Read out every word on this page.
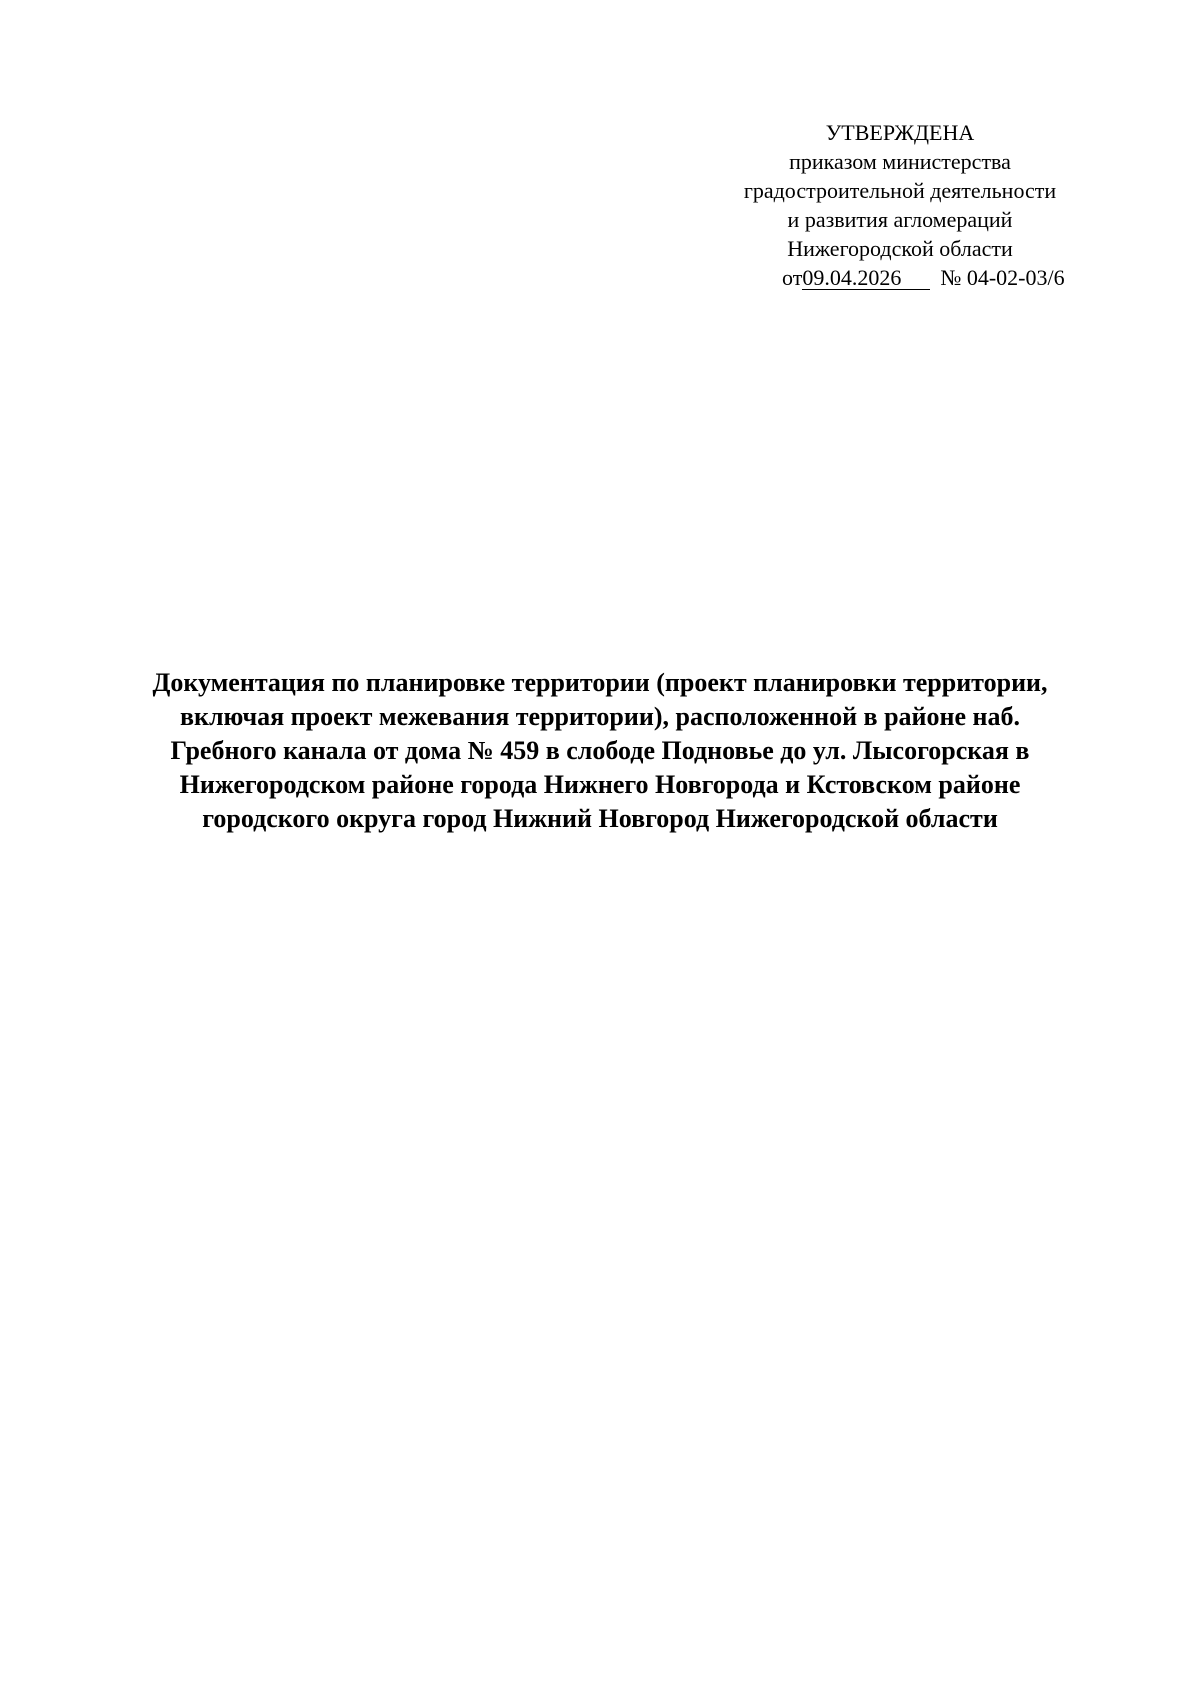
УТВЕРЖДЕНА
приказом министерства
градостроительной деятельности
и развития агломераций
Нижегородской области
от09.04.2026 № 04-02-03/6
Документация по планировке территории (проект планировки территории,
включая проект межевания территории), расположенной в районе наб.
Гребного канала от дома № 459 в слободе Подновье до ул. Лысогорская в
Нижегородском районе города Нижнего Новгорода и Кстовском районе
городского округа город Нижний Новгород Нижегородской области
